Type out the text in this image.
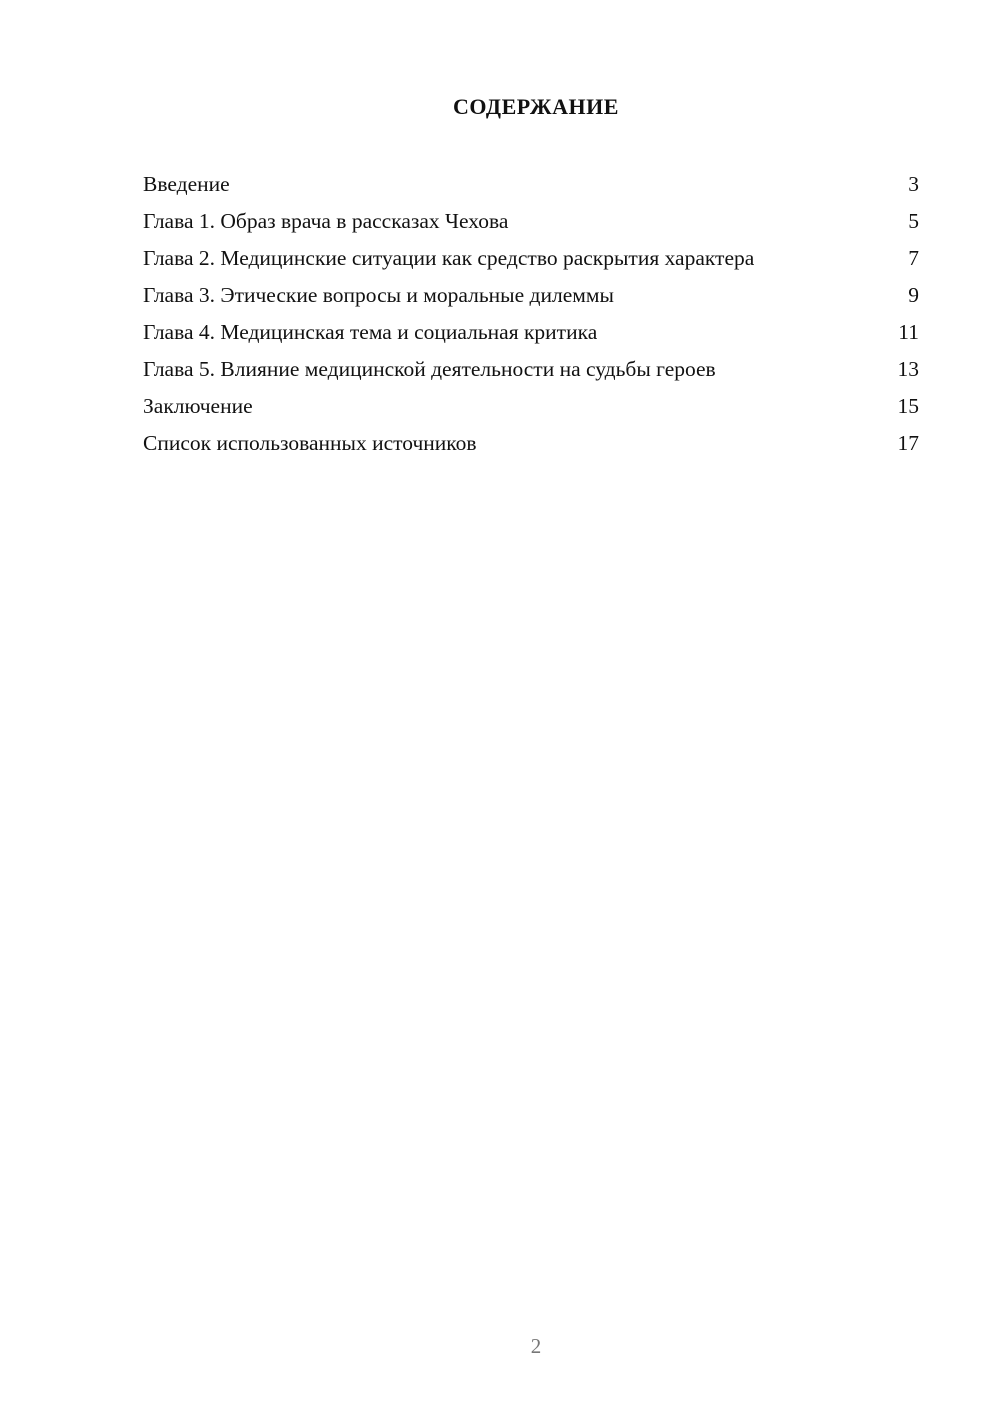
СОДЕРЖАНИЕ
Введение	3
Глава 1. Образ врача в рассказах Чехова	5
Глава 2. Медицинские ситуации как средство раскрытия характера	7
Глава 3. Этические вопросы и моральные дилеммы	9
Глава 4. Медицинская тема и социальная критика	11
Глава 5. Влияние медицинской деятельности на судьбы героев	13
Заключение	15
Список использованных источников	17
2
